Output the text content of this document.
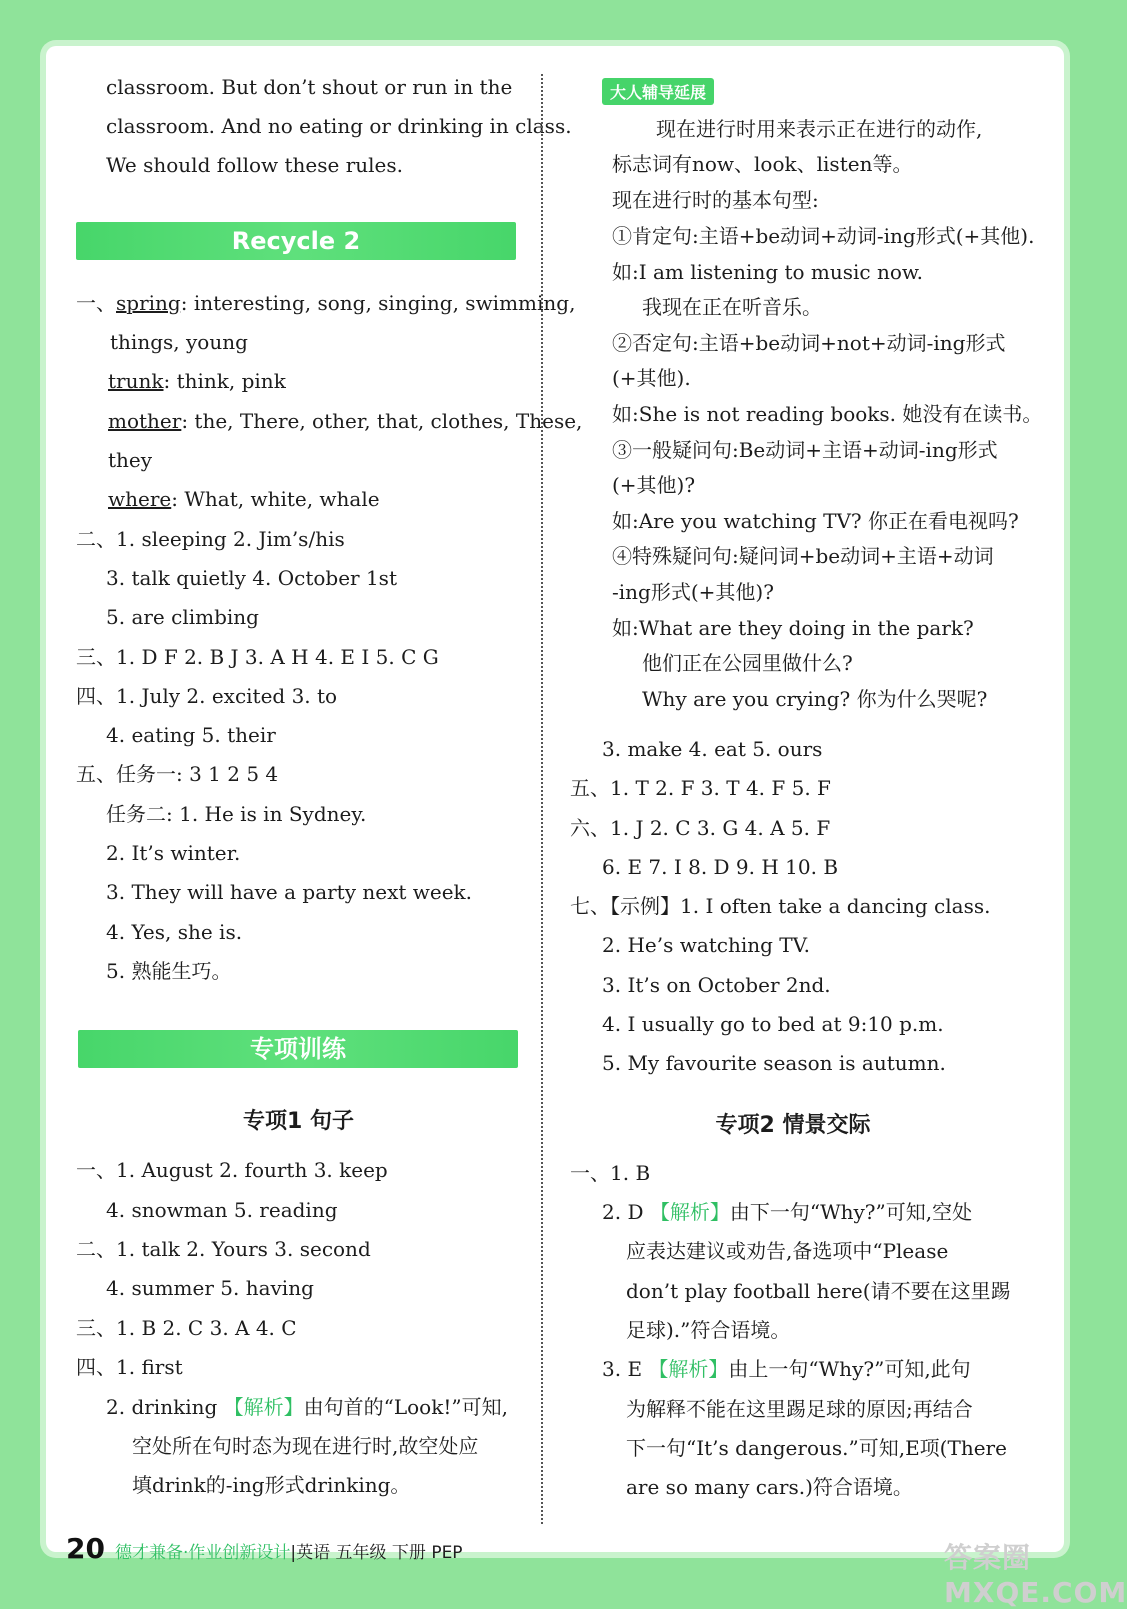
classroom. But don’t shout or run in the
classroom. And no eating or drinking in class.
We should follow these rules.
Recycle 2
一、spring: interesting, song, singing, swimming,
things, young
trunk: think, pink
mother: the, There, other, that, clothes, These,
they
where: What, white, whale
二、1. sleeping 2. Jim’s/his
3. talk quietly 4. October 1st
5. are climbing
三、1. D F 2. B J 3. A H 4. E I 5. C G
四、1. July 2. excited 3. to
4. eating 5. their
五、任务一: 3 1 2 5 4
任务二: 1. He is in Sydney.
2. It’s winter.
3. They will have a party next week.
4. Yes, she is.
5. 熟能生巧。
专项训练
专项1 句子
一、1. August 2. fourth 3. keep
4. snowman 5. reading
二、1. talk 2. Yours 3. second
4. summer 5. having
三、1. B 2. C 3. A 4. C
四、1. first
2. drinking 【解析】由句首的“Look!”可知,
空处所在句时态为现在进行时,故空处应
填drink的-ing形式drinking。
大人辅导延展
现在进行时用来表示正在进行的动作,
标志词有now、look、listen等。
现在进行时的基本句型:
①肯定句:主语+be动词+动词-ing形式(+其他).
如:I am listening to music now.
我现在正在听音乐。
②否定句:主语+be动词+not+动词-ing形式
(+其他).
如:She is not reading books. 她没有在读书。
③一般疑问句:Be动词+主语+动词-ing形式
(+其他)?
如:Are you watching TV? 你正在看电视吗?
④特殊疑问句:疑问词+be动词+主语+动词
-ing形式(+其他)?
如:What are they doing in the park?
他们正在公园里做什么?
Why are you crying? 你为什么哭呢?
3. make 4. eat 5. ours
五、1. T 2. F 3. T 4. F 5. F
六、1. J 2. C 3. G 4. A 5. F
6. E 7. I 8. D 9. H 10. B
七、【示例】1. I often take a dancing class.
2. He’s watching TV.
3. It’s on October 2nd.
4. I usually go to bed at 9:10 p.m.
5. My favourite season is autumn.
专项2 情景交际
一、1. B
2. D 【解析】由下一句“Why?”可知,空处
应表达建议或劝告,备选项中“Please
don’t play football here(请不要在这里踢
足球).”符合语境。
3. E 【解析】由上一句“Why?”可知,此句
为解释不能在这里踢足球的原因;再结合
下一句“It’s dangerous.”可知,E项(There
are so many cars.)符合语境。
20 德才兼备·作业创新设计|英语 五年级 下册 PEP	答案圈 MXQE.COM
